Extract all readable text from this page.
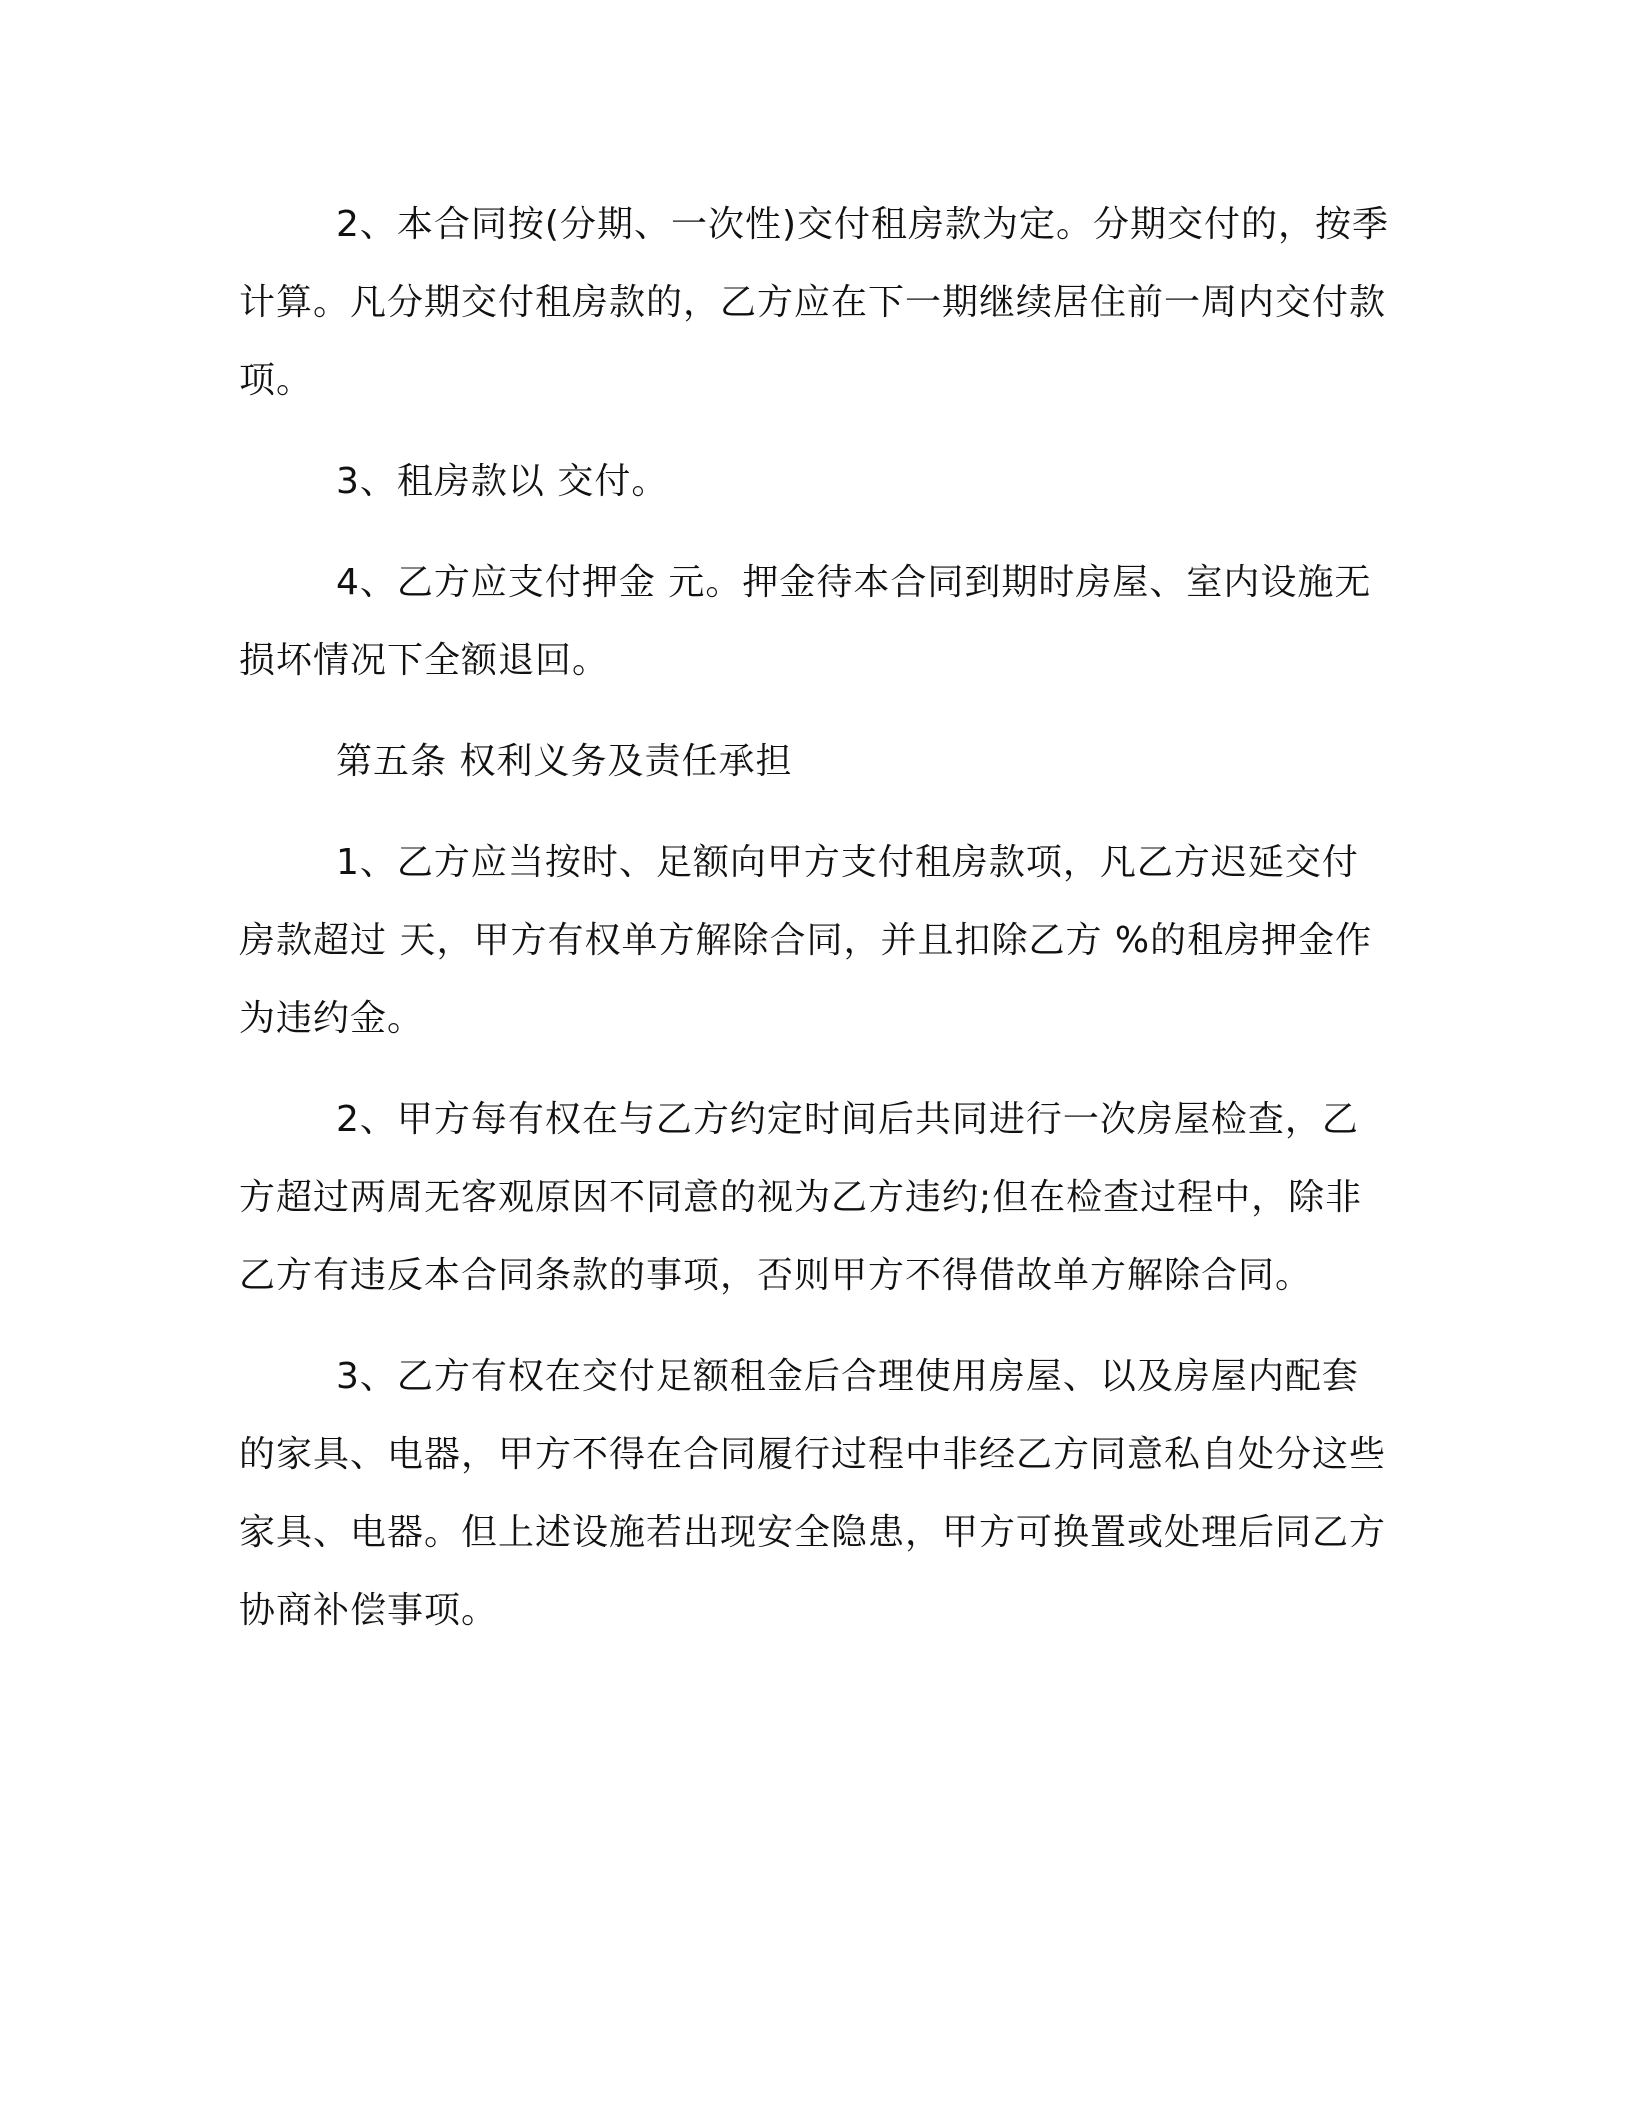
2、本合同按(分期、一次性)交付租房款为定。分期交付的，按季计算。凡分期交付租房款的，乙方应在下一期继续居住前一周内交付款项。

3、租房款以 交付。

4、乙方应支付押金 元。押金待本合同到期时房屋、室内设施无损坏情况下全额退回。

第五条 权利义务及责任承担

1、乙方应当按时、足额向甲方支付租房款项，凡乙方迟延交付房款超过 天，甲方有权单方解除合同，并且扣除乙方 %的租房押金作为违约金。

2、甲方每有权在与乙方约定时间后共同进行一次房屋检查，乙方超过两周无客观原因不同意的视为乙方违约;但在检查过程中，除非乙方有违反本合同条款的事项，否则甲方不得借故单方解除合同。

3、乙方有权在交付足额租金后合理使用房屋、以及房屋内配套的家具、电器，甲方不得在合同履行过程中非经乙方同意私自处分这些家具、电器。但上述设施若出现安全隐患，甲方可换置或处理后同乙方协商补偿事项。
